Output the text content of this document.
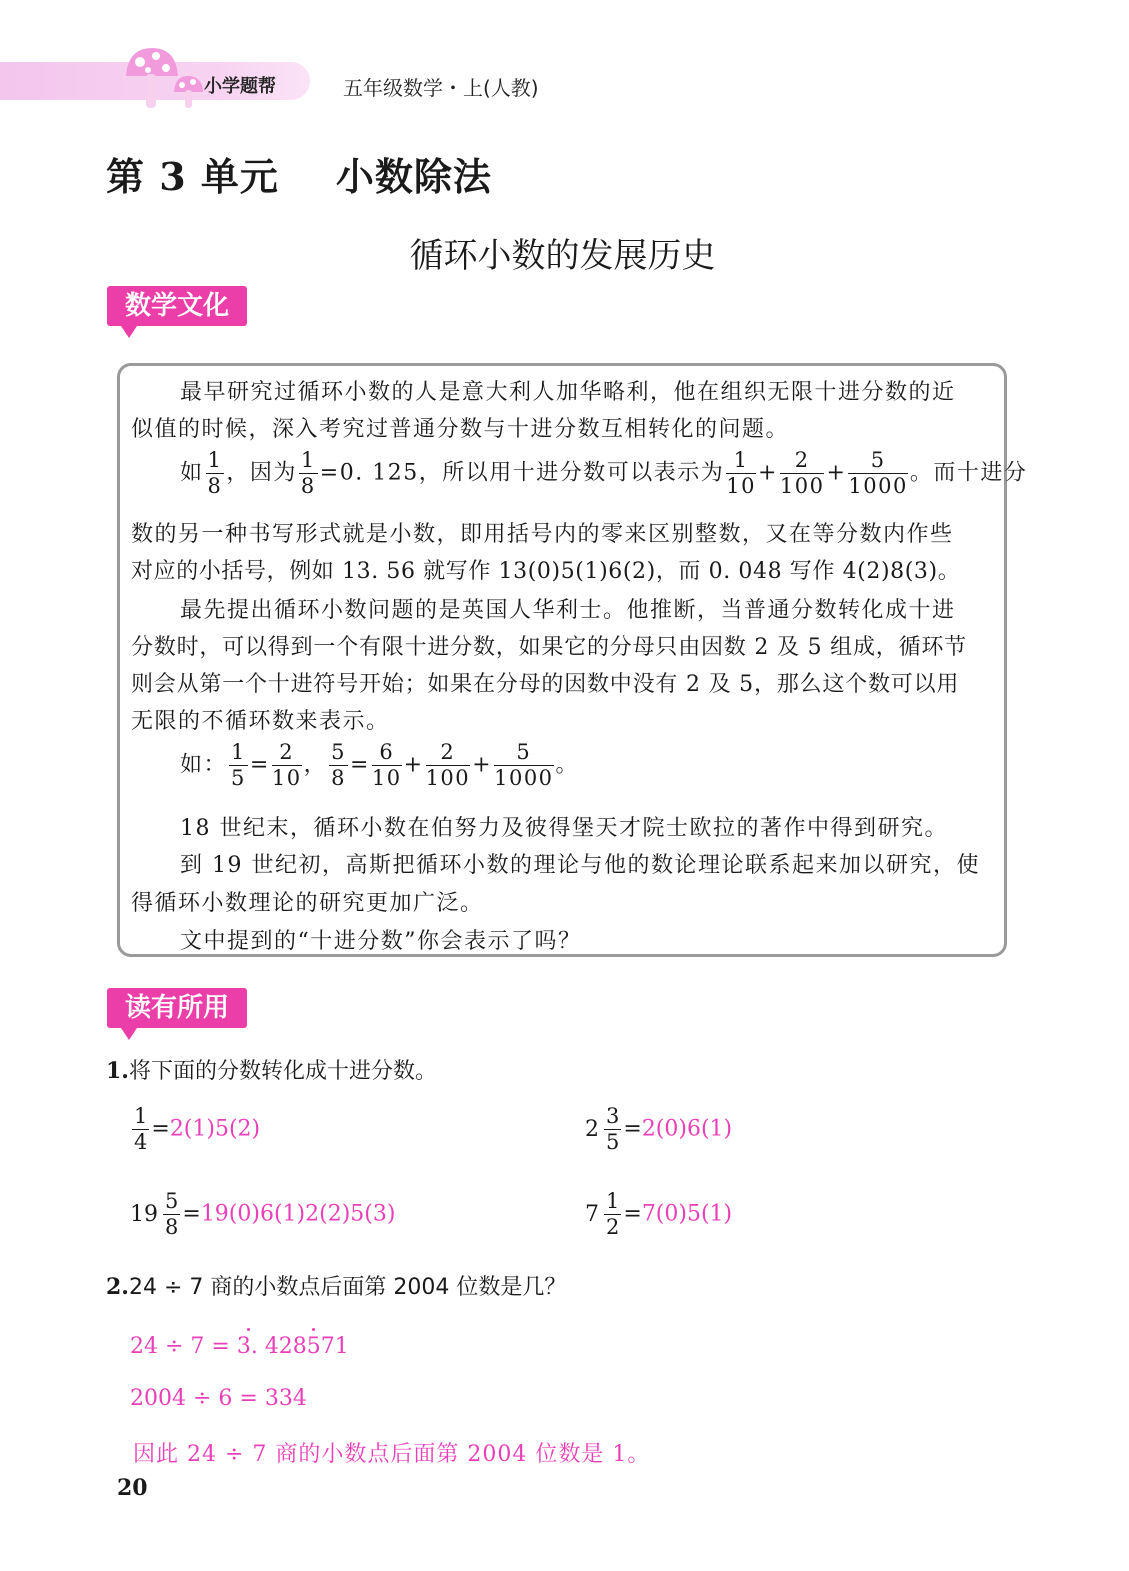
小学题帮	五年级数学・上(人教)
第 3 单元    小数除法
循环小数的发展历史
数学文化
最早研究过循环小数的人是意大利人加华略利，他在组织无限十进分数的近
似值的时候，深入考究过普通分数与十进分数互相转化的问题。
如 $\frac{1}{8}$ ，因为 $\frac{1}{8} =0$. 125，所以用十进分数可以表示为 $\frac{1}{10} + \frac{2}{100} + \frac{5}{1000}$ 。而十进分
数的另一种书写形式就是小数，即用括号内的零来区别整数，又在等分数内作些
对应的小括号，例如 13. 56 就写作 13(0)5(1)6(2)，而 0. 048 写作 4(2)8(3)。
最先提出循环小数问题的是英国人华利士。他推断，当普通分数转化成十进
分数时，可以得到一个有限十进分数，如果它的分母只由因数 2 及 5 组成，循环节
则会从第一个十进符号开始；如果在分母的因数中没有 2 及 5，那么这个数可以用
无限的不循环数来表示。
如： $\frac{1}{5} = \frac{2}{10}$ ， $\frac{5}{8} = \frac{6}{10} + \frac{2}{100} + \frac{5}{1000}$ 。
18 世纪末，循环小数在伯努力及彼得堡天才院士欧拉的著作中得到研究。
到 19 世纪初，高斯把循环小数的理论与他的数论理论联系起来加以研究，使
得循环小数理论的研究更加广泛。
文中提到的“十进分数”你会表示了吗？
读有所用
1.将下面的分数转化成十进分数。
$\frac{1}{4} =2(1)5(2)$	$2 \frac{3}{5} =2(0)6(1)$
$19 \frac{5}{8} =19(0)6(1)2(2)5(3)$	$7 \frac{1}{2} =7(0)5(1)$
2.24 ÷ 7 商的小数点后面第 2004 位数是几？
24 ÷ 7 = 3. 428571
2004 ÷ 6 = 334
因此 24 ÷ 7 商的小数点后面第 2004 位数是 1。
20
